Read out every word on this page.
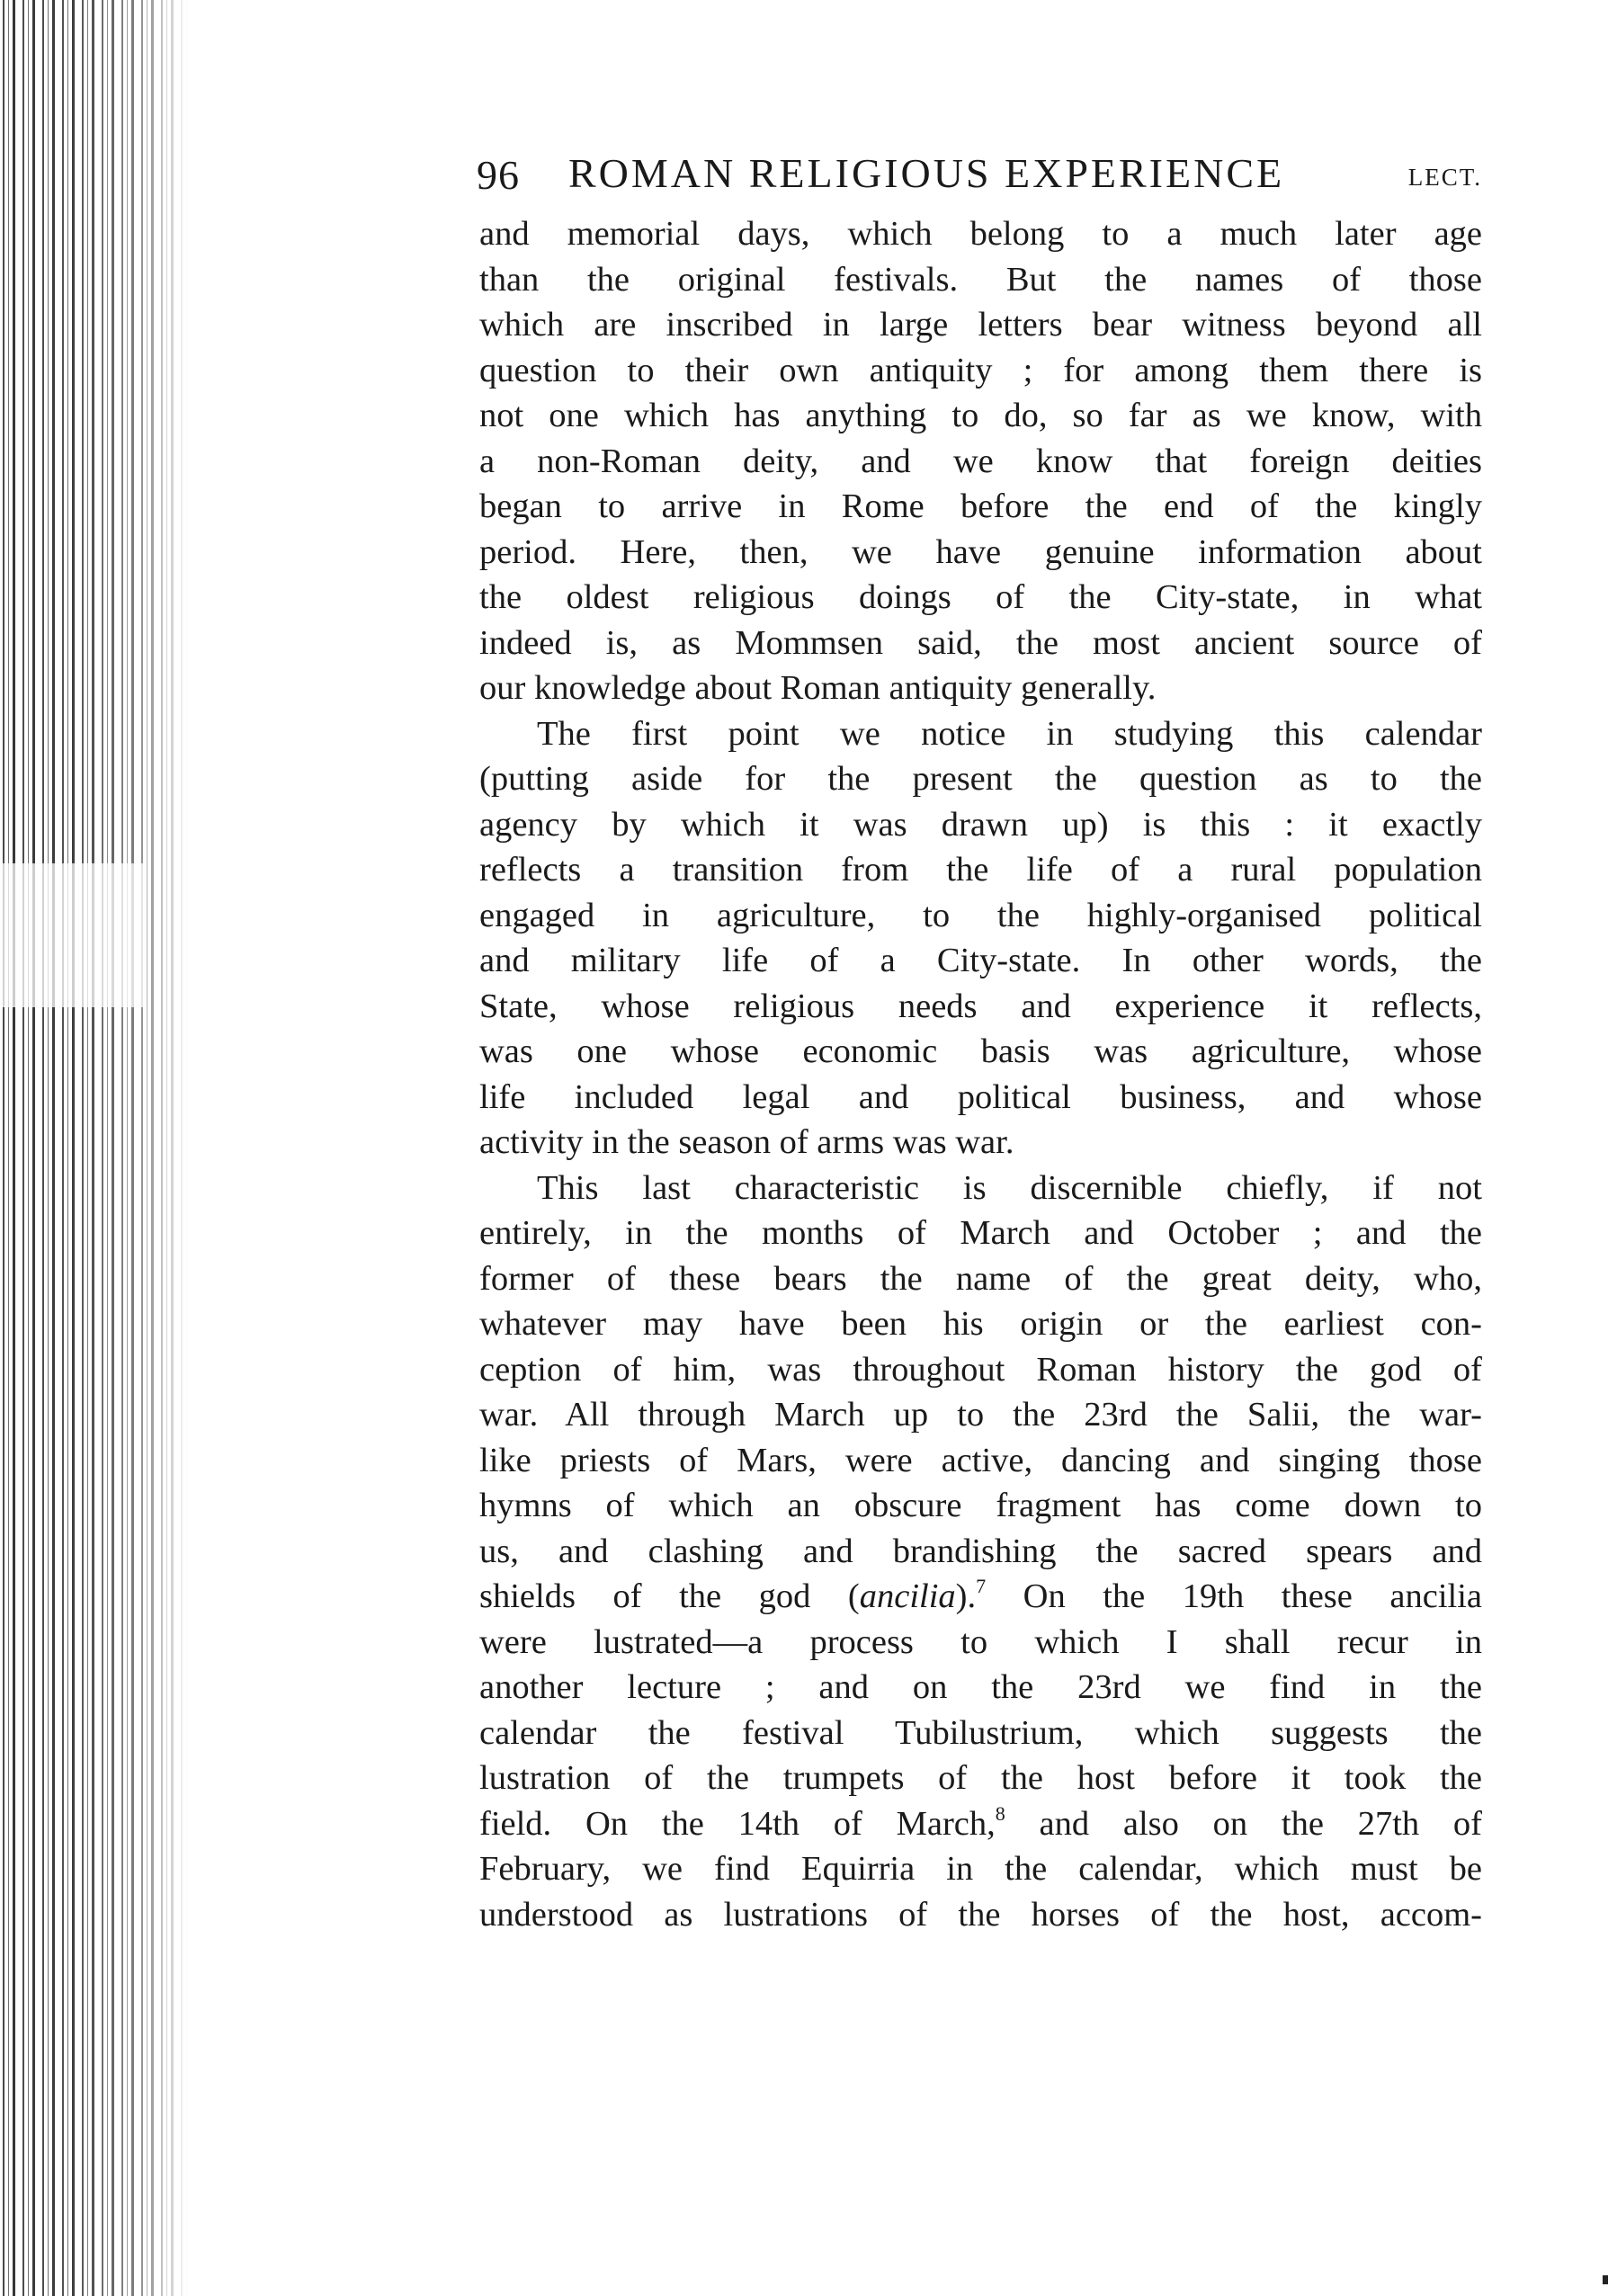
96 ROMAN RELIGIOUS EXPERIENCE	LECT.
and memorial days, which belong to a much later age
than the original festivals. But the names of those
which are inscribed in large letters bear witness beyond all
question to their own antiquity ; for among them there is
not one which has anything to do, so far as we know, with
a non-Roman deity, and we know that foreign deities
began to arrive in Rome before the end of the kingly
period. Here, then, we have genuine information about
the oldest religious doings of the City-state, in what
indeed is, as Mommsen said, the most ancient source of
our knowledge about Roman antiquity generally.
The first point we notice in studying this calendar
(putting aside for the present the question as to the
agency by which it was drawn up) is this : it exactly
reflects a transition from the life of a rural population
engaged in agriculture, to the highly-organised political
and military life of a City-state. In other words, the
State, whose religious needs and experience it reflects,
was one whose economic basis was agriculture, whose
life included legal and political business, and whose
activity in the season of arms was war.
This last characteristic is discernible chiefly, if not
entirely, in the months of March and October ; and the
former of these bears the name of the great deity, who,
whatever may have been his origin or the earliest con-
ception of him, was throughout Roman history the god of
war. All through March up to the 23rd the Salii, the war-
like priests of Mars, were active, dancing and singing those
hymns of which an obscure fragment has come down to
us, and clashing and brandishing the sacred spears and
shields of the god (ancilia).$^7$ On the 19th these ancilia
were lustrated—a process to which I shall recur in
another lecture ; and on the 23rd we find in the
calendar the festival Tubilustrium, which suggests the
lustration of the trumpets of the host before it took the
field. On the 14th of March,$^8$ and also on the 27th of
February, we find Equirria in the calendar, which must be
understood as lustrations of the horses of the host, accom-
